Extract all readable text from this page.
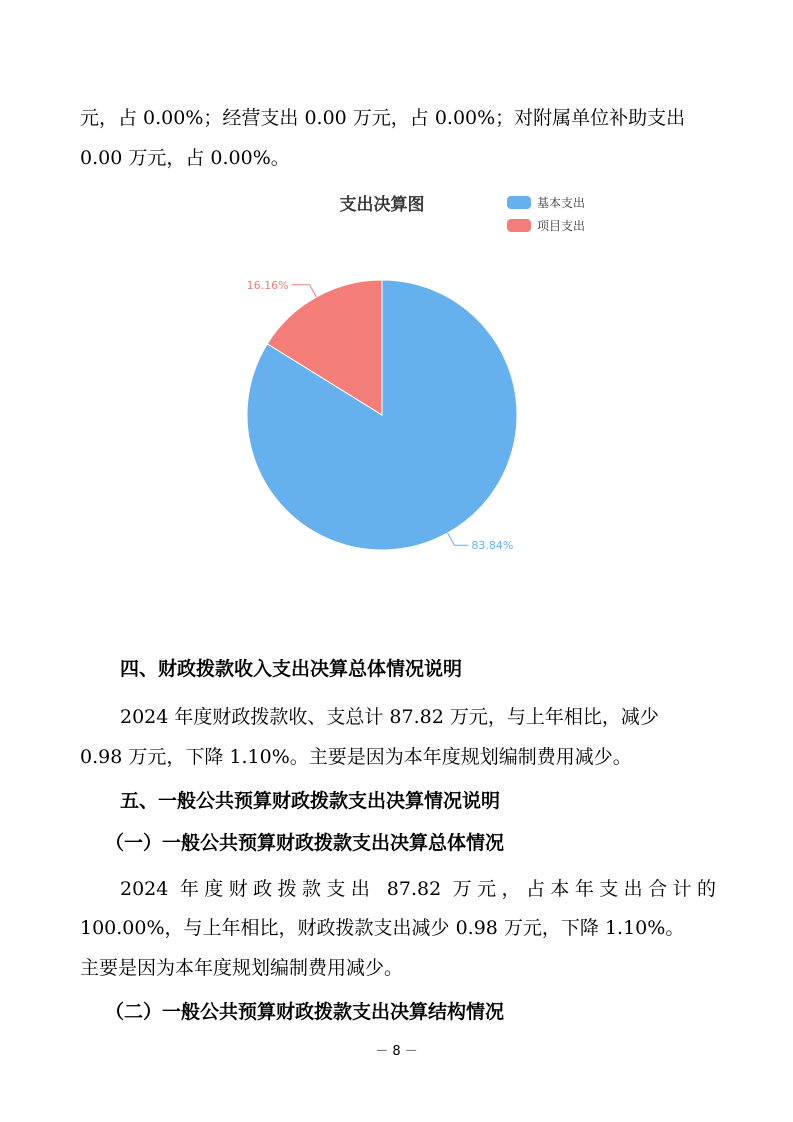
元，占 0.00%；经营支出 0.00 万元，占 0.00%；对附属单位补助支出
0.00 万元，占 0.00%。
支出决算图	基本支出
项目支出
83.84%
16.16%
四、财政拨款收入支出决算总体情况说明
2024 年度财政拨款收、支总计 87.82 万元，与上年相比，减少
0.98 万元，下降 1.10%。主要是因为本年度规划编制费用减少。
五、一般公共预算财政拨款支出决算情况说明
（一）一般公共预算财政拨款支出决算总体情况
2024 年度财政拨款支出 87.82 万元，占本年支出合计的
100.00%，与上年相比，财政拨款支出减少 0.98 万元，下降 1.10%。
主要是因为本年度规划编制费用减少。
（二）一般公共预算财政拨款支出决算结构情况
－ 8 －
